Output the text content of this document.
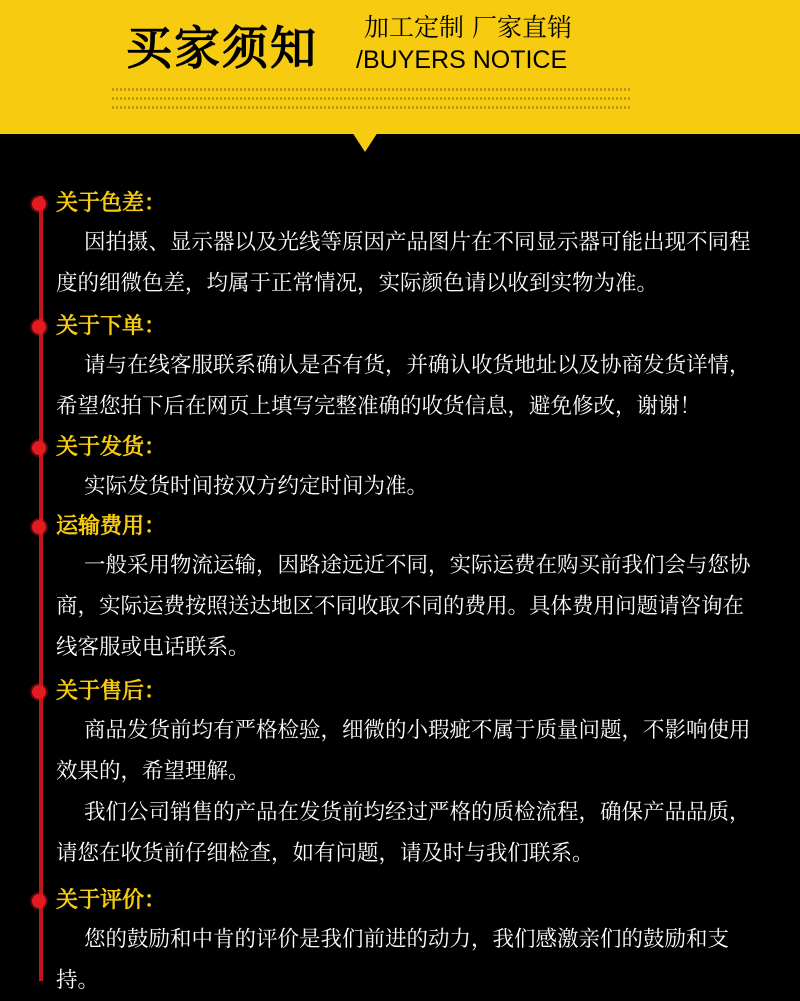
买家须知 加工定制 厂家直销
/BUYERS NOTICE
关于色差：
因拍摄、显示器以及光线等原因产品图片在不同显示器可能出现不同程度的细微色差，均属于正常情况，实际颜色请以收到实物为准。
关于下单：
请与在线客服联系确认是否有货，并确认收货地址以及协商发货详情，希望您拍下后在网页上填写完整准确的收货信息，避免修改，谢谢！
关于发货：
实际发货时间按双方约定时间为准。
运输费用：
一般采用物流运输，因路途远近不同，实际运费在购买前我们会与您协商，实际运费按照送达地区不同收取不同的费用。具体费用问题请咨询在线客服或电话联系。
关于售后：
商品发货前均有严格检验，细微的小瑕疵不属于质量问题，不影响使用效果的，希望理解。
我们公司销售的产品在发货前均经过严格的质检流程，确保产品品质，请您在收货前仔细检查，如有问题，请及时与我们联系。
关于评价：
您的鼓励和中肯的评价是我们前进的动力，我们感激亲们的鼓励和支持。
